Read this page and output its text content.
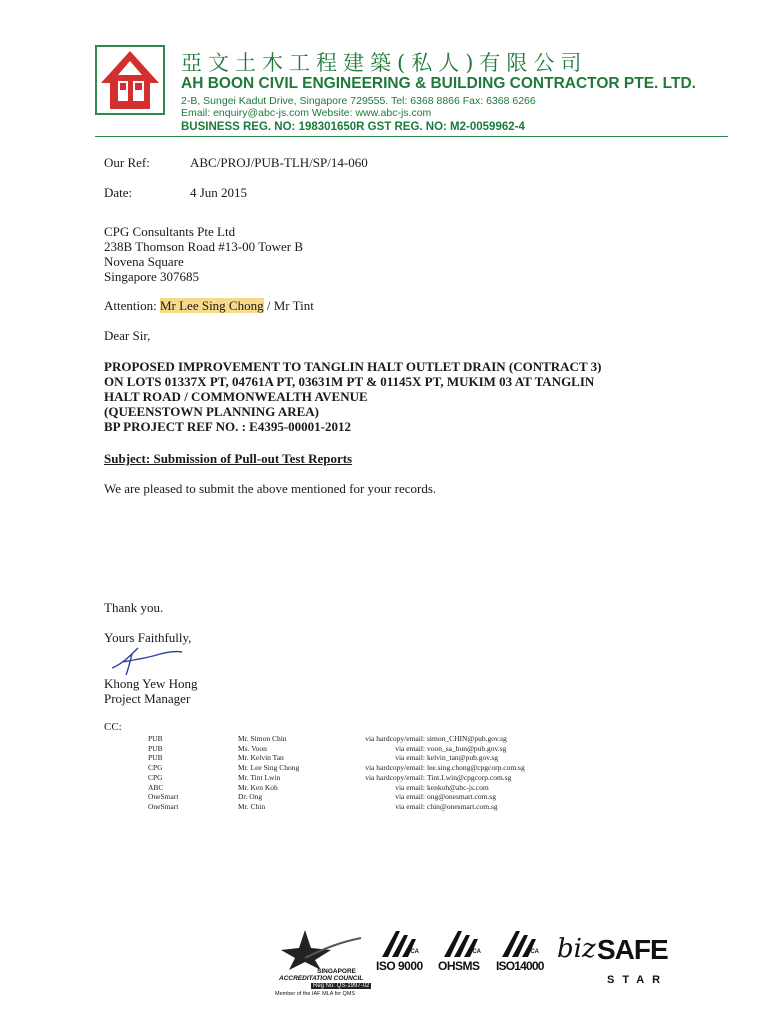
亞文土木工程建築(私人)有限公司
AH BOON CIVIL ENGINEERING & BUILDING CONTRACTOR PTE. LTD.
2-B, Sungei Kadut Drive, Singapore 729555. Tel: 6368 8866 Fax: 6368 6266
Email: enquiry@abc-js.com Website: www.abc-js.com
BUSINESS REG. NO: 198301650R GST REG. NO: M2-0059962-4
Our Ref:	ABC/PROJ/PUB-TLH/SP/14-060
Date:	4 Jun 2015
CPG Consultants Pte Ltd
238B Thomson Road #13-00 Tower B
Novena Square
Singapore 307685
Attention: Mr Lee Sing Chong / Mr Tint
Dear Sir,
PROPOSED IMPROVEMENT TO TANGLIN HALT OUTLET DRAIN (CONTRACT 3)
ON LOTS 01337X PT, 04761A PT, 03631M PT & 01145X PT, MUKIM 03 AT TANGLIN
HALT ROAD / COMMONWEALTH AVENUE
(QUEENSTOWN PLANNING AREA)
BP PROJECT REF NO. : E4395-00001-2012
Subject: Submission of Pull-out Test Reports
We are pleased to submit the above mentioned for your records.
Thank you.
Yours Faithfully,
Khong Yew Hong
Project Manager
CC:
PUB	Mr. Simon Chin	via hardcopy/email: simon_CHIN@pub.gov.sg
PUB	Ms. Voon	via email: voon_sa_hun@pub.gov.sg
PUB	Mr. Kelvin Tan	via email: kelvin_tan@pub.gov.sg
CPG	Mr. Lee Sing Chong	via hardcopy/email: lee.sing.chong@cpgcorp.com.sg
CPG	Mr. Tint Lwin	via hardcopy/email: Tint.Lwin@cpgcorp.com.sg
ABC	Mr. Ken Koh	via email: kenkoh@abc-js.com
OneSmart	Dr. Ong	via email: ong@onesmart.com.sg
OneSmart	Mr. Chin	via email: chin@onesmart.com.sg
SINGAPORE
ACCREDITATION COUNCIL
Reg No: QS-1997-02
Member of the IAF MLA for QMS
BCA
ISO 9000
BCA
OHSMS
BCA
ISO14000
biz SAFE
STAR
